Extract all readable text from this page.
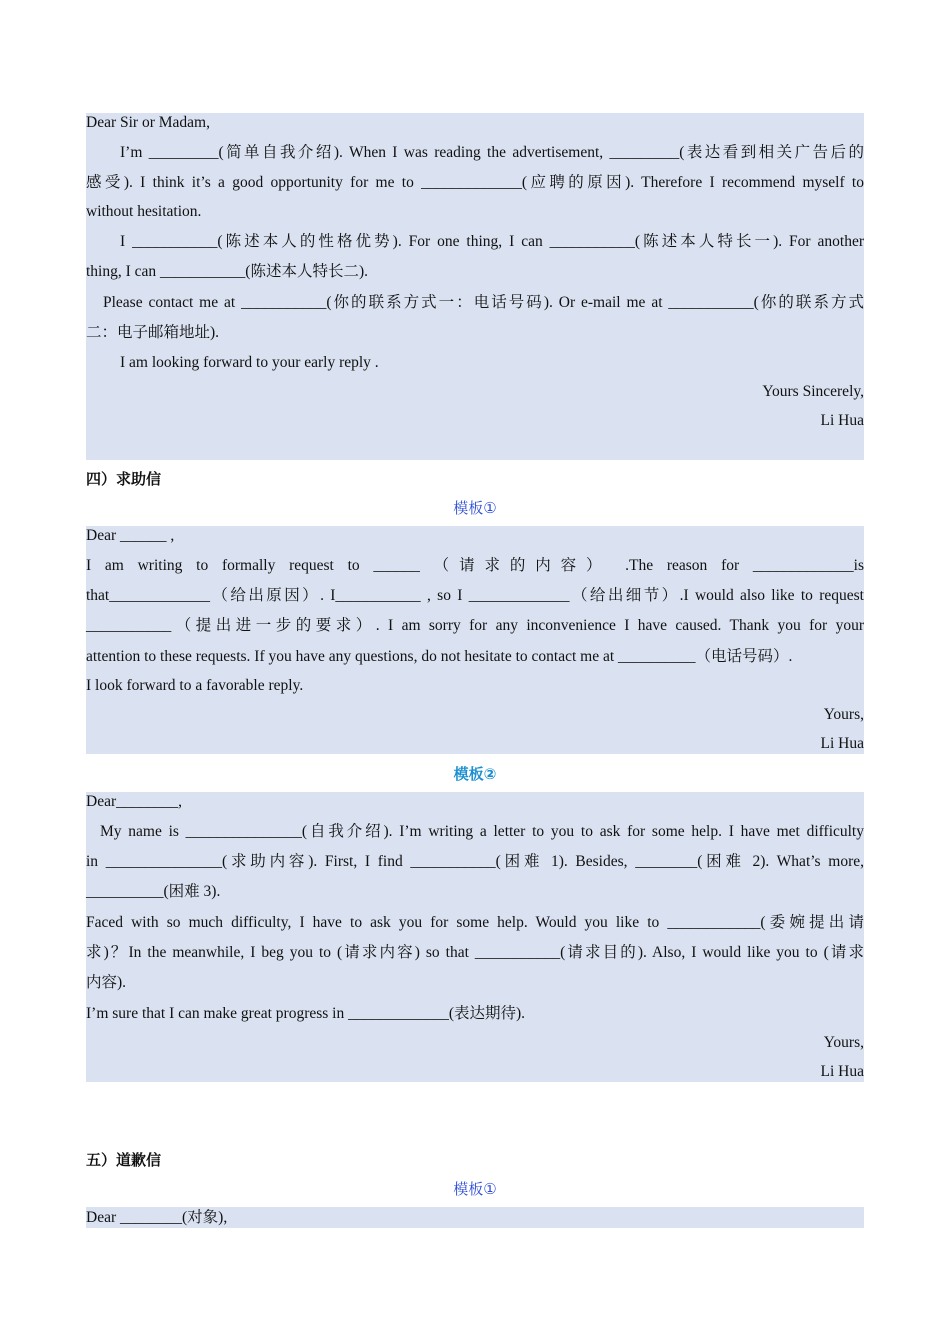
Dear Sir or Madam,
I’m _________(简单自我介绍). When I was reading the advertisement, _________(表达看到相关广告后的
感受). I think it’s a good opportunity for me to _____________(应聘的原因). Therefore I recommend myself to
without hesitation.
I ___________(陈述本人的性格优势). For one thing, I can ___________(陈述本人特长一). For another
thing, I can ___________(陈述本人特长二).
Please contact me at ___________(你的联系方式一：电话号码). Or e-mail me at ___________(你的联系方式
二：电子邮箱地址).
I am looking forward to your early reply .
Yours Sincerely,
Li Hua
四）求助信
模板①
Dear ______ ,
I am writing to formally request to ______ （请求的内容） .The reason for _____________is
that_____________（给出原因）. I___________ , so I _____________（给出细节）.I would also like to request
___________（提出进一步的要求）. I am sorry for any inconvenience I have caused. Thank you for your
attention to these requests. If you have any questions, do not hesitate to contact me at __________（电话号码）.
I look forward to a favorable reply.
Yours,
Li Hua
模板②
Dear________,
My name is _______________(自我介绍). I’m writing a letter to you to ask for some help. I have met difficulty
in _______________(求助内容). First, I find ___________(困难 1). Besides, ________(困难 2). What’s more,
__________(困难 3).
Faced with so much difficulty, I have to ask you for some help. Would you like to ____________(委婉提出请
求)？In the meanwhile, I beg you to (请求内容) so that ___________(请求目的). Also, I would like you to (请求
内容).
I’m sure that I can make great progress in _____________(表达期待).
Yours,
Li Hua
五）道歉信
模板①
Dear ________(对象),
